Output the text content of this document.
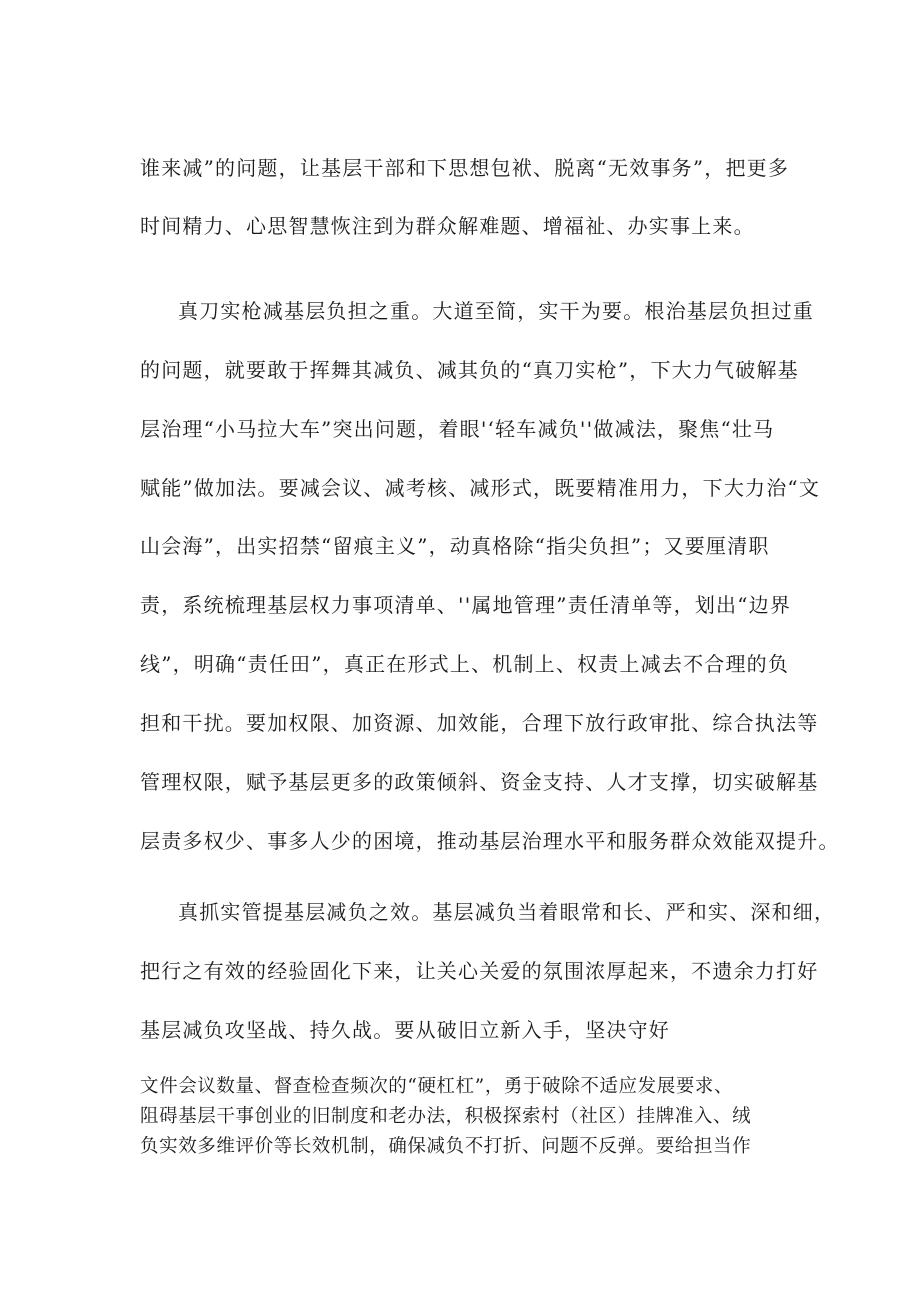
谁来减”的问题，让基层干部和下思想包袱、脱离“无效事务”，把更多
时间精力、心思智慧恢注到为群众解难题、增福祉、办实事上来。
真刀实枪减基层负担之重。大道至简，实干为要。根治基层负担过重
的问题，就要敢于挥舞其减负、减其负的“真刀实枪”，下大力气破解基
层治理“小马拉大车”突出问题，着眼'‘轻车减负''做减法，聚焦“壮马
赋能”做加法。要减会议、减考核、减形式，既要精准用力，下大力治“文
山会海”，出实招禁“留痕主义”，动真格除“指尖负担”；又要厘清职
责，系统梳理基层权力事项清单、''属地管理”责任清单等，划出“边界
线”，明确“责任田”，真正在形式上、机制上、权责上减去不合理的负
担和干扰。要加权限、加资源、加效能，合理下放行政审批、综合执法等
管理权限，赋予基层更多的政策倾斜、资金支持、人才支撑，切实破解基
层责多权少、事多人少的困境，推动基层治理水平和服务群众效能双提升。
真抓实管提基层减负之效。基层减负当着眼常和长、严和实、深和细，
把行之有效的经验固化下来，让关心关爱的氛围浓厚起来，不遗余力打好
基层减负攻坚战、持久战。要从破旧立新入手，坚决守好
文件会议数量、督查检查频次的“硬杠杠”，勇于破除不适应发展要求、
阻碍基层干事创业的旧制度和老办法，积极探索村（社区）挂牌准入、绒
负实效多维评价等长效机制，确保减负不打折、问题不反弹。要给担当作
